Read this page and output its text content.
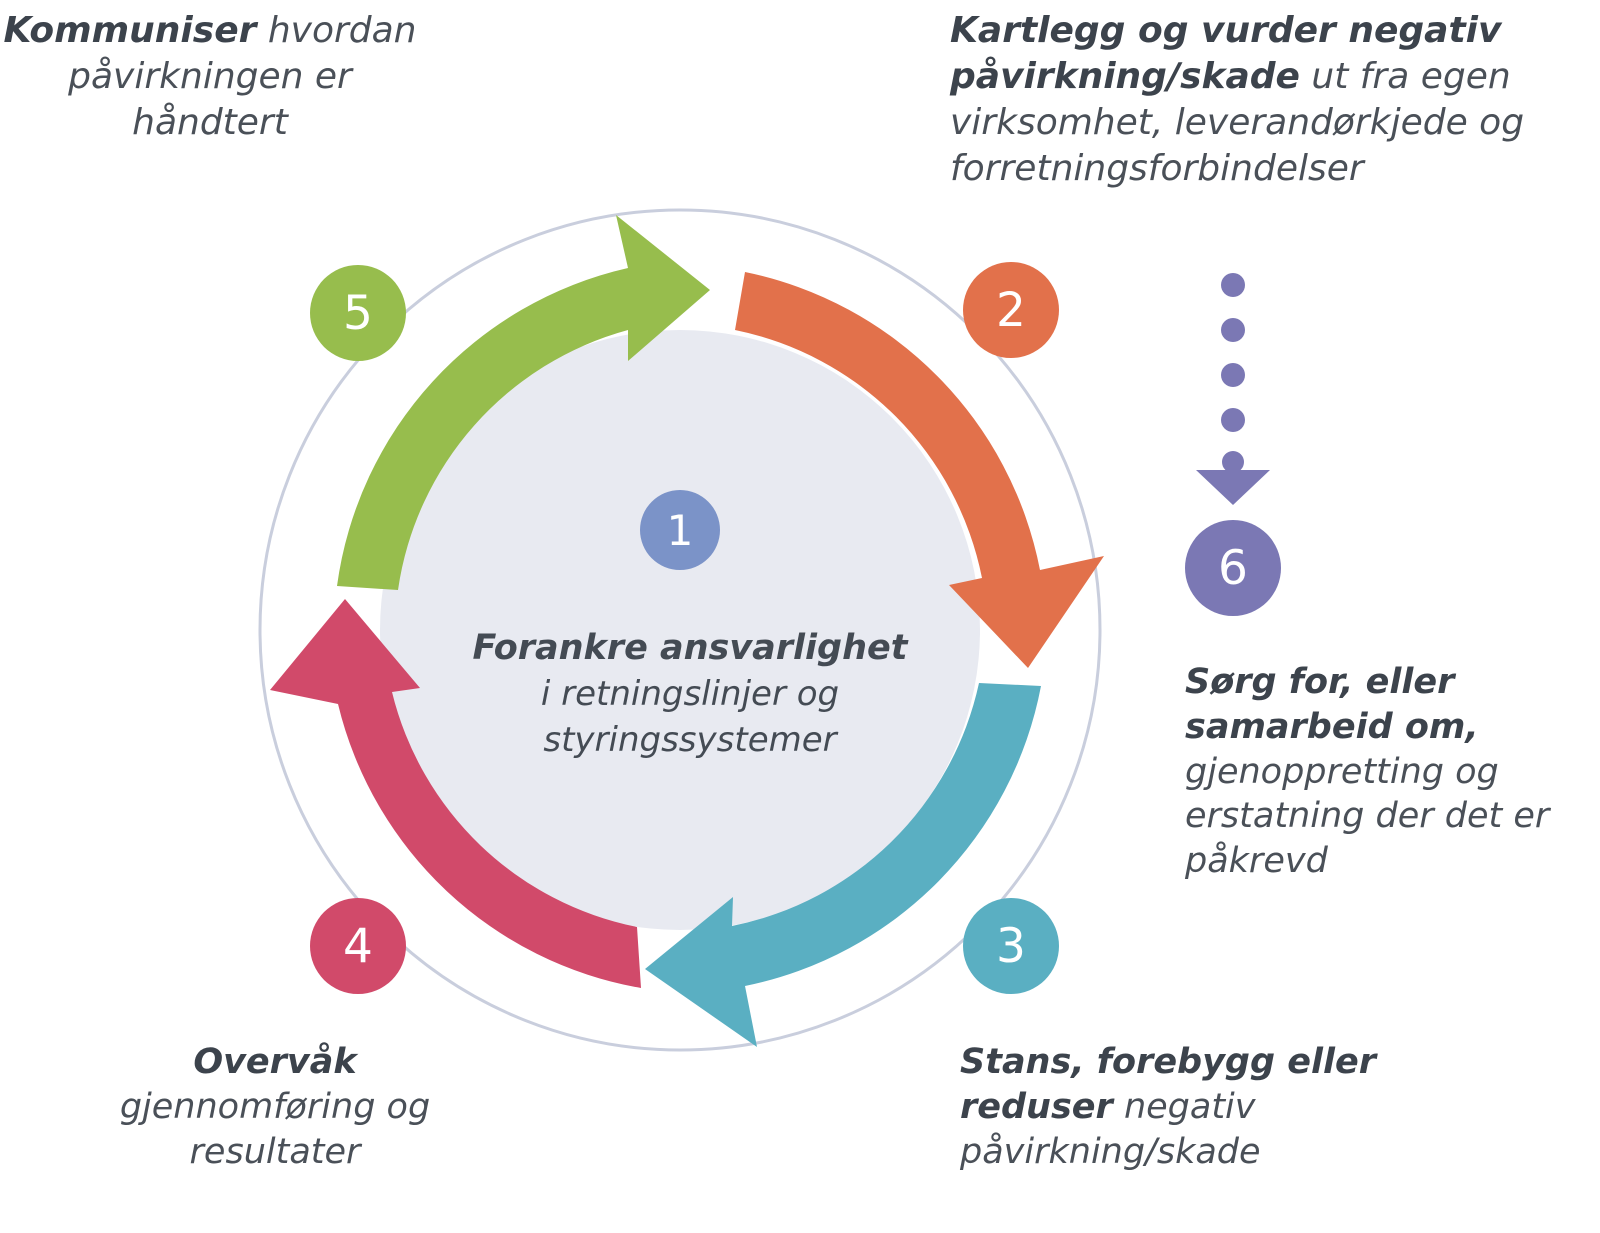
1
2
3
4
5
6
Forankre ansvarlighet
i retningslinjer og
styringssystemer
Kommuniser hvordan påvirkningen er håndtert
Kartlegg og vurder negativ påvirkning/skade ut fra egen virksomhet, leverandørkjede og forretningsforbindelser
Sørg for, eller samarbeid om, gjenoppretting og erstatning der det er påkrevd
Stans, forebygg eller reduser negativ påvirkning/skade
Overvåk gjennomføring og resultater
